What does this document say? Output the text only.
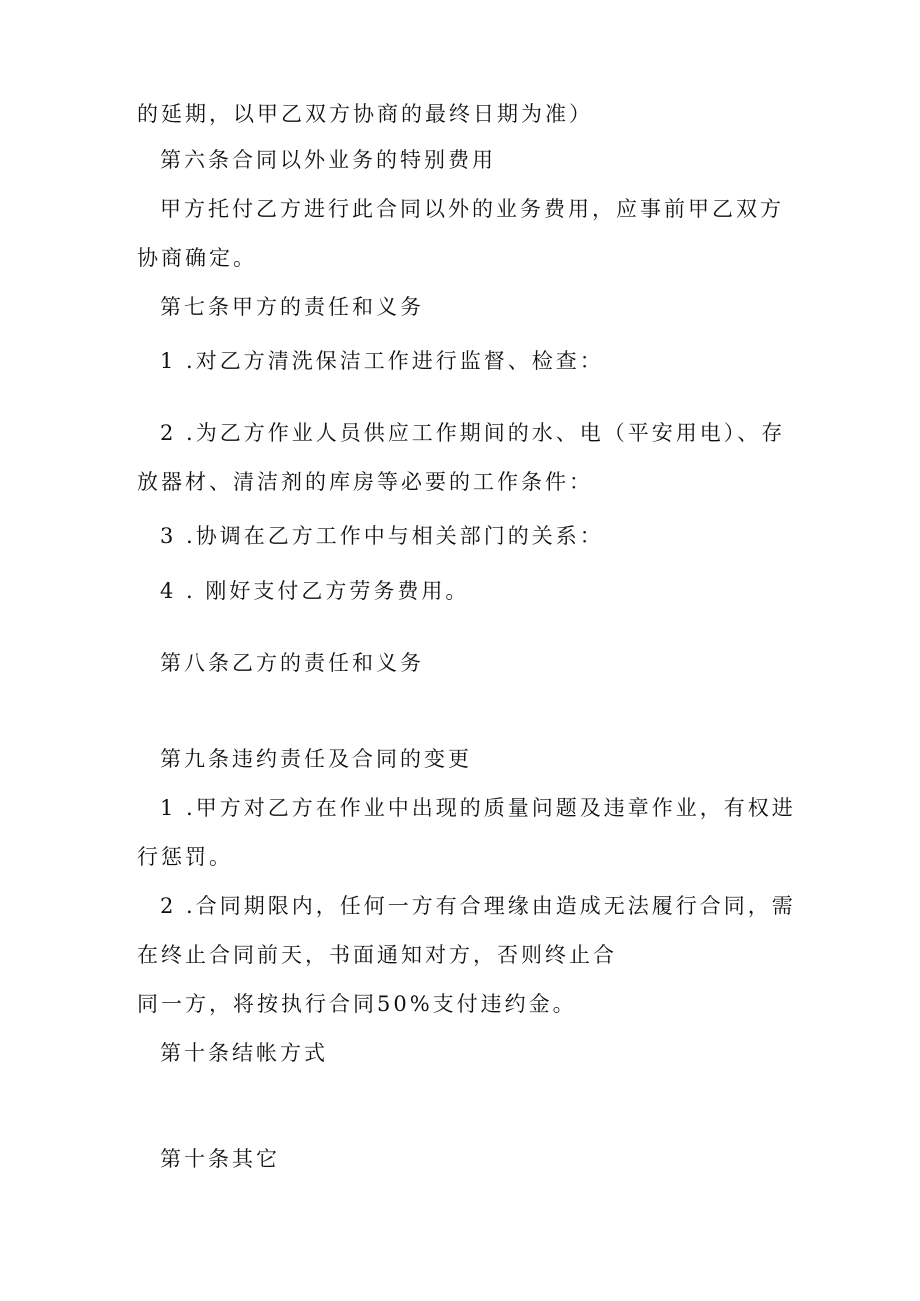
的延期，以甲乙双方协商的最终日期为准）
第六条合同以外业务的特别费用
甲方托付乙方进行此合同以外的业务费用，应事前甲乙双方
协商确定。
第七条甲方的责任和义务
1 .对乙方清洗保洁工作进行监督、检查：
2 .为乙方作业人员供应工作期间的水、电（平安用电）、存
放器材、清洁剂的库房等必要的工作条件：
3 .协调在乙方工作中与相关部门的关系：
4 . 刚好支付乙方劳务费用。
第八条乙方的责任和义务
第九条违约责任及合同的变更
1 .甲方对乙方在作业中出现的质量问题及违章作业，有权进
行惩罚。
2 .合同期限内，任何一方有合理缘由造成无法履行合同，需
在终止合同前天，书面通知对方，否则终止合
同一方，将按执行合同50%支付违约金。
第十条结帐方式
第十条其它
